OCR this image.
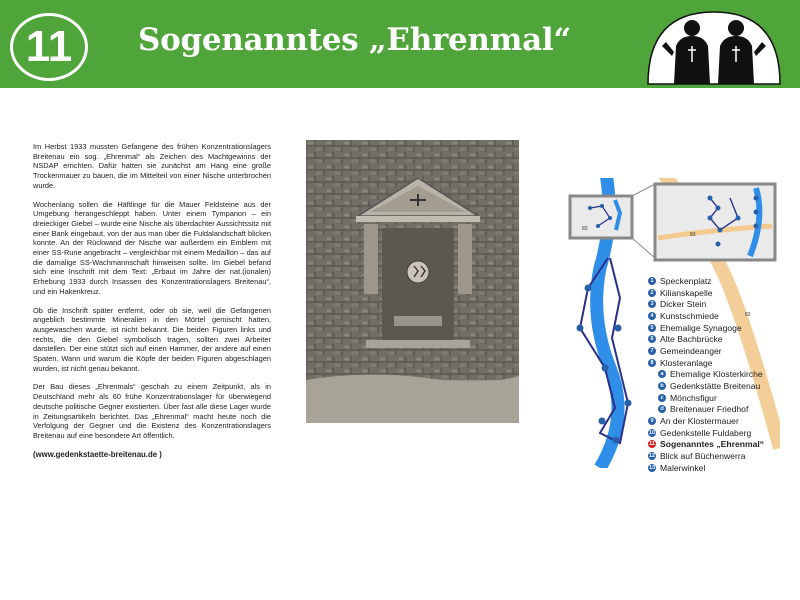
11	Sogenanntes „Ehrenmal“

Im Herbst 1933 mussten Gefangene des frühen Konzentrationslagers Breitenau ein sog. „Ehrenmal“ als Zeichen des Machtgewinns der NSDAP errichten. Dafür hatten sie zunächst am Hang eine große Trockenmauer zu bauen, die im Mittelteil von einer Nische unterbrochen wurde.

Wochenlang sollen die Häftlinge für die Mauer Feldsteine aus der Umgebung herangeschleppt haben. Unter einem Tympanon – ein dreieckiger Giebel – wurde eine Nische als überdachter Aussichtssitz mit einer Bank eingebaut, von der aus man über die Fuldalandschaft blicken konnte. An der Rückwand der Nische war außerdem ein Emblem mit einer SS-Rune angebracht – vergleichbar mit einem Medaillon – das auf die damalige SS-Wachmannschaft hinweisen sollte. Im Giebel befand sich eine Inschrift mit dem Text: „Erbaut im Jahre der nat.(ionalen) Erhebung 1933 durch Insassen des Konzentrationslagers Breitenau“, und ein Hakenkreuz.

Ob die Inschrift später entfernt, oder ob sie, weil die Gefangenen angeblich bestimmte Mineralien in den Mörtel gemischt hatten, ausgewaschen wurde, ist nicht bekannt. Die beiden Figuren links und rechts, die den Giebel symbolisch tragen, sollten zwei Arbeiter darstellen. Der eine stützt sich auf einen Hammer, der andere auf einen Spaten. Wann und warum die Köpfe der beiden Figuren abgeschlagen wurden, ist nicht genau bekannt.

Der Bau dieses „Ehrenmals“ geschah zu einem Zeitpunkt, als in Deutschland mehr als 60 frühe Konzentrationslager für überwiegend deutsche politische Gegner existierten. Über fast alle diese Lager wurde in Zeitungsartikeln berichtet. Das „Ehrenmal“ macht heute noch die Verfolgung der Gegner und die Existenz des Konzentrationslagers Breitenau auf eine besondere Art öffentlich.

(www.gedenkstaette-breitenau.de )

83
83
83
1 Speckenplatz
2 Kilianskapelle
3 Dicker Stein
4 Kunstschmiede
5 Ehemalige Synagoge
6 Alte Bachbrücke
7 Gemeindeanger
8 Klosteranlage
a Ehemalige Klosterkirche
b Gedenkstätte Breitenau
c Mönchsfigur
d Breitenauer Friedhof
9 An der Klostermauer
10 Gedenkstelle Fuldaberg
11 Sogenanntes „Ehrenmal“
12 Blick auf Büchenwerra
13 Malerwinkel
